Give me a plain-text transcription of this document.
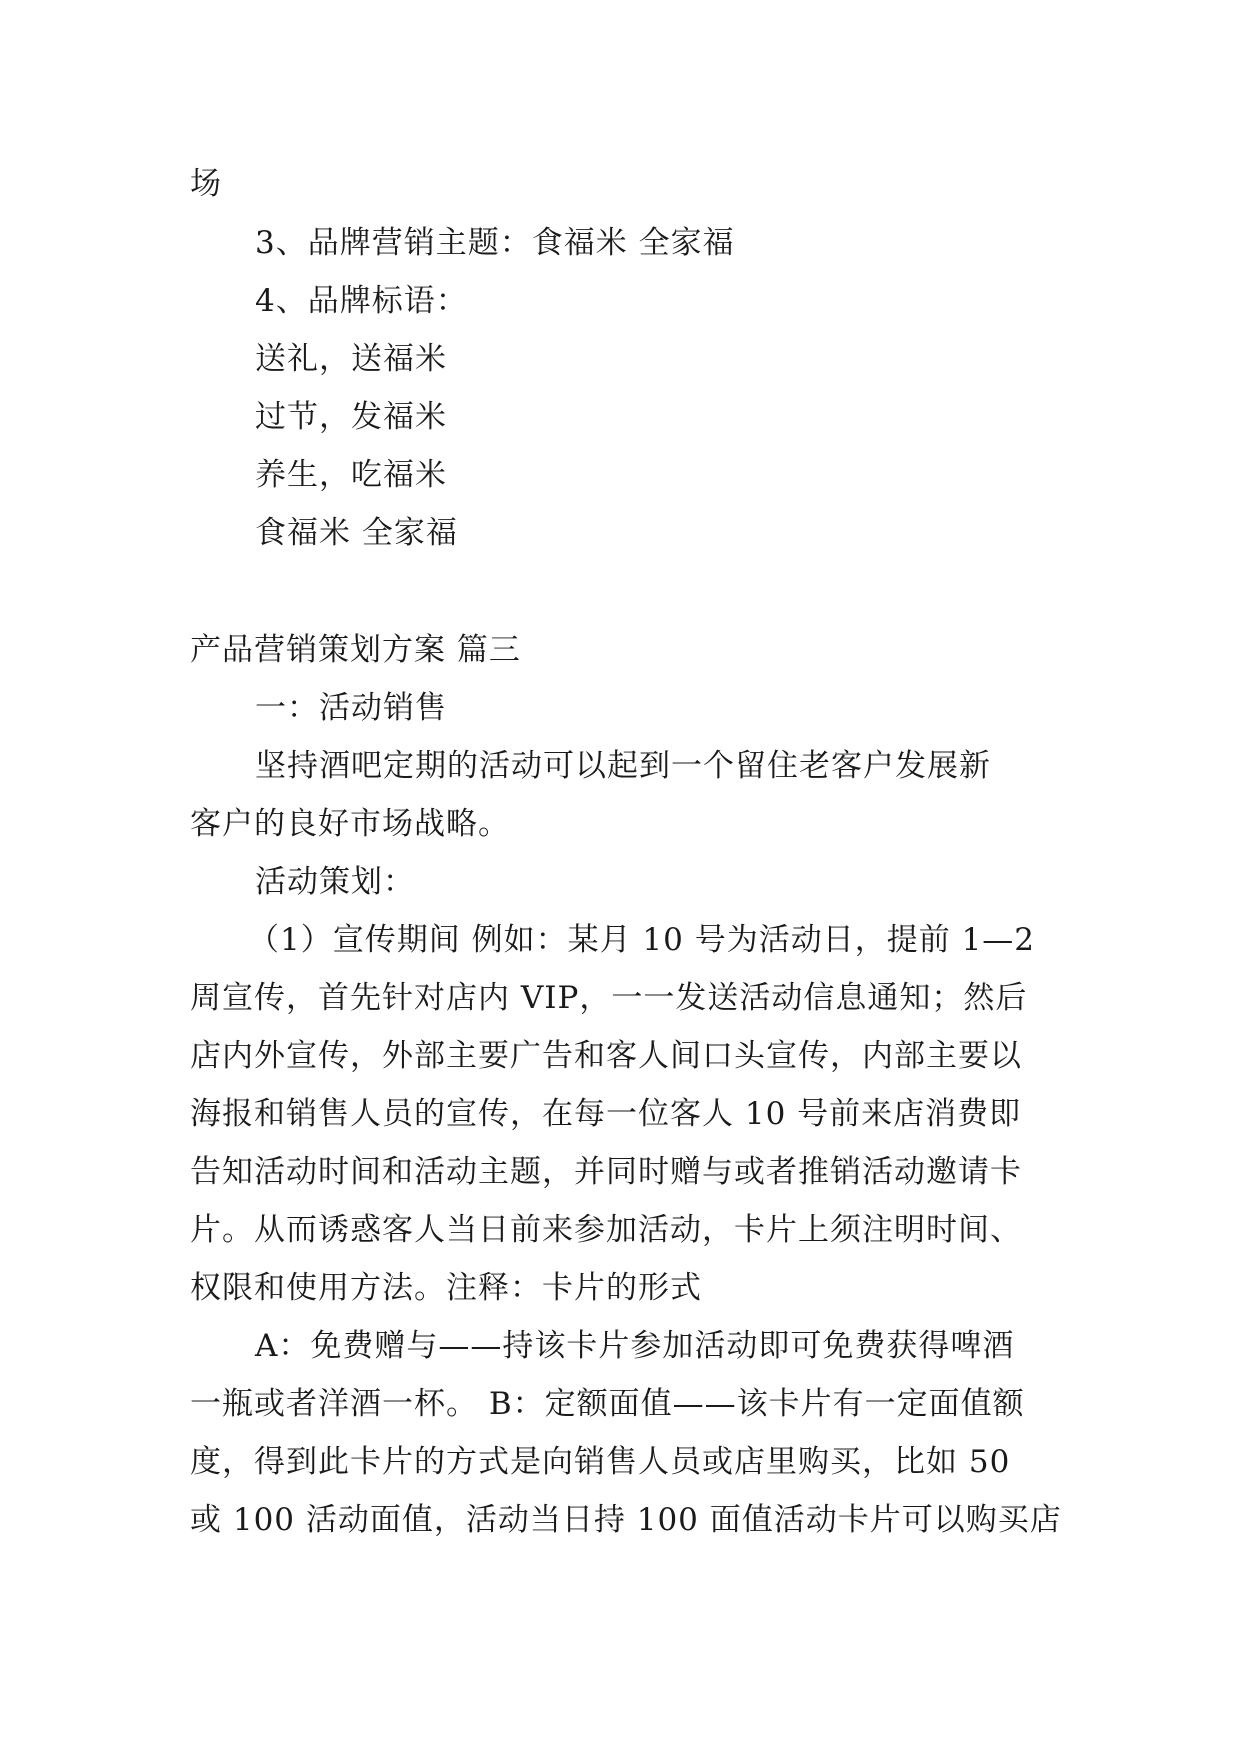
场
3、品牌营销主题：食福米 全家福
4、品牌标语：
送礼，送福米
过节，发福米
养生，吃福米
食福米 全家福
产品营销策划方案 篇三
一：活动销售
坚持酒吧定期的活动可以起到一个留住老客户发展新
客户的良好市场战略。
活动策划：
（1）宣传期间 例如：某月 10 号为活动日，提前 1—2
周宣传，首先针对店内 VIP，一一发送活动信息通知；然后
店内外宣传，外部主要广告和客人间口头宣传，内部主要以
海报和销售人员的宣传，在每一位客人 10 号前来店消费即
告知活动时间和活动主题，并同时赠与或者推销活动邀请卡
片。从而诱惑客人当日前来参加活动，卡片上须注明时间、
权限和使用方法。注释：卡片的形式
A：免费赠与——持该卡片参加活动即可免费获得啤酒
一瓶或者洋酒一杯。 B：定额面值——该卡片有一定面值额
度，得到此卡片的方式是向销售人员或店里购买，比如 50
或 100 活动面值，活动当日持 100 面值活动卡片可以购买店
